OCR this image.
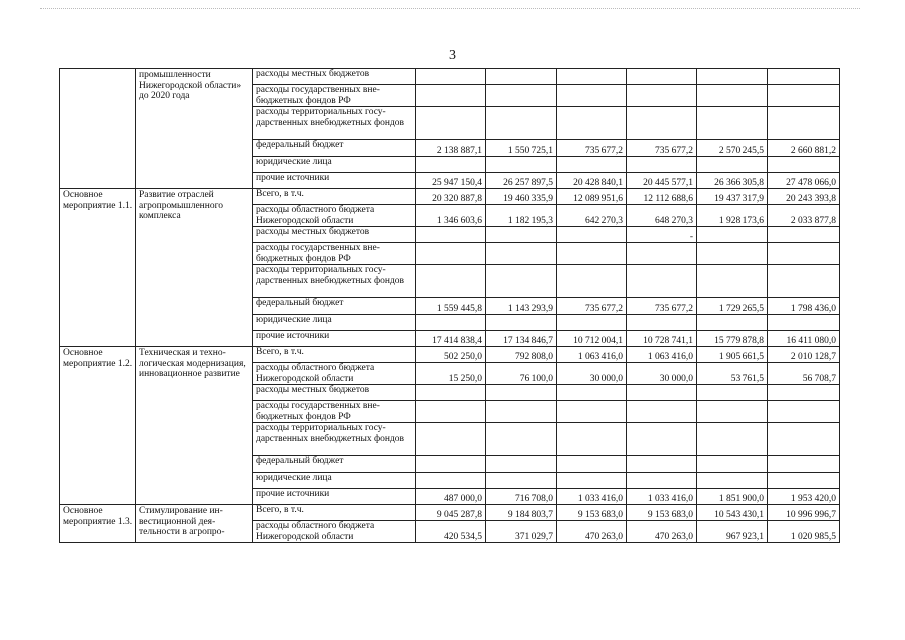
3
	промышленности Нижегородской области» до 2020 года	расходы местных бюджетов						
		расходы государственных внебюджетных фондов РФ						
		расходы территориальных государственных внебюджетных фондов						
		федеральный бюджет	2 138 887,1	1 550 725,1	735 677,2	735 677,2	2 570 245,5	2 660 881,2
		юридические лица						
		прочие источники	25 947 150,4	26 257 897,5	20 428 840,1	20 445 577,1	26 366 305,8	27 478 066,0
Основное мероприятие 1.1.	Развитие отраслей агропромышленного комплекса	Всего, в т.ч.	20 320 887,8	19 460 335,9	12 089 951,6	12 112 688,6	19 437 317,9	20 243 393,8
		расходы областного бюджета Нижегородской области	1 346 603,6	1 182 195,3	642 270,3	648 270,3	1 928 173,6	2 033 877,8
		расходы местных бюджетов				-		
		расходы государственных внебюджетных фондов РФ						
		расходы территориальных государственных внебюджетных фондов						
		федеральный бюджет	1 559 445,8	1 143 293,9	735 677,2	735 677,2	1 729 265,5	1 798 436,0
		юридические лица						
		прочие источники	17 414 838,4	17 134 846,7	10 712 004,1	10 728 741,1	15 779 878,8	16 411 080,0
Основное мероприятие 1.2.	Техническая и технологическая модернизация, инновационное развитие	Всего, в т.ч.	502 250,0	792 808,0	1 063 416,0	1 063 416,0	1 905 661,5	2 010 128,7
		расходы областного бюджета Нижегородской области	15 250,0	76 100,0	30 000,0	30 000,0	53 761,5	56 708,7
		расходы местных бюджетов						
		расходы государственных внебюджетных фондов РФ						
		расходы территориальных государственных внебюджетных фондов						
		федеральный бюджет						
		юридические лица						
		прочие источники	487 000,0	716 708,0	1 033 416,0	1 033 416,0	1 851 900,0	1 953 420,0
Основное мероприятие 1.3.	Стимулирование инвестиционной деятельности в агропро-	Всего, в т.ч.	9 045 287,8	9 184 803,7	9 153 683,0	9 153 683,0	10 543 430,1	10 996 996,7
		расходы областного бюджета Нижегородской области	420 534,5	371 029,7	470 263,0	470 263,0	967 923,1	1 020 985,5
